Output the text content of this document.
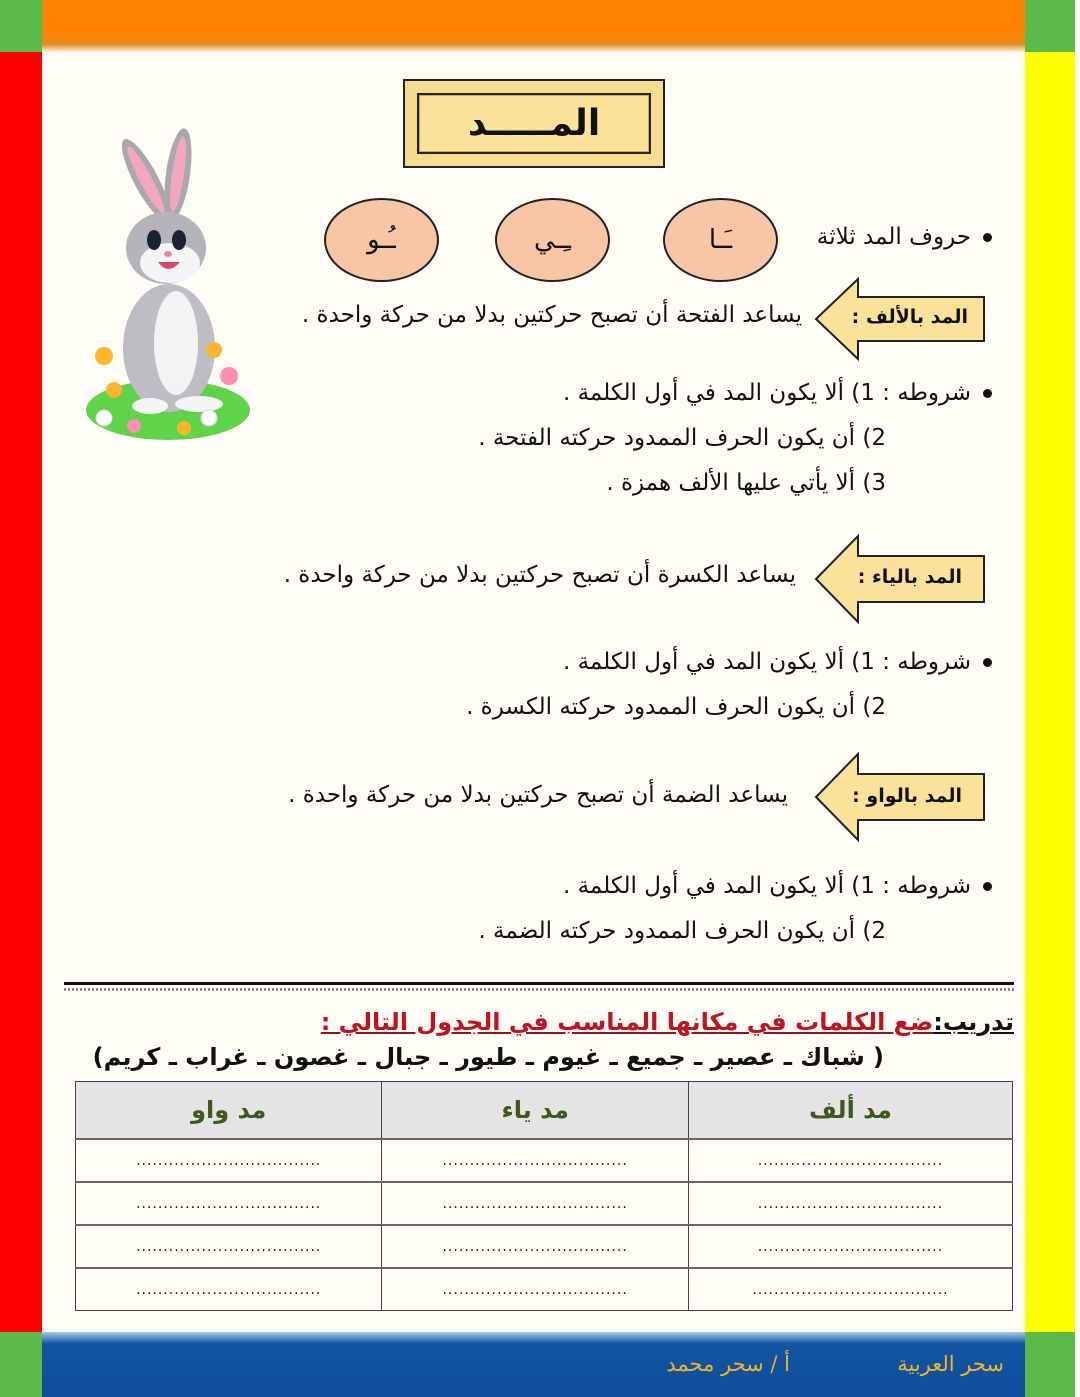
المـــــد
حروف المد ثلاثة
ـَـا
ـِـي
ـُـو
المد بالألف :
يساعد الفتحة أن تصبح حركتين بدلا من حركة واحدة .
شروطه : 1) ألا يكون المد في أول الكلمة .
2) أن يكون الحرف الممدود حركته الفتحة .
3) ألا يأتي عليها الألف همزة .
المد بالياء :
يساعد الكسرة أن تصبح حركتين بدلا من حركة واحدة .
شروطه : 1) ألا يكون المد في أول الكلمة .
2) أن يكون الحرف الممدود حركته الكسرة .
المد بالواو :
يساعد الضمة أن تصبح حركتين بدلا من حركة واحدة .
شروطه : 1) ألا يكون المد في أول الكلمة .
2) أن يكون الحرف الممدود حركته الضمة .
تدريب:ضع الكلمات في مكانها المناسب في الجدول التالي :
( شباك ـ عصير ـ جميع ـ غيوم ـ طيور ـ جبال ـ غصون ـ غراب ـ كريم)
مد ألف	مد ياء	مد واو
..................................	..................................	..................................
..................................	..................................	..................................
..................................	..................................	..................................
....................................	..................................	..................................
سحر العربية
أ / سحر محمد
